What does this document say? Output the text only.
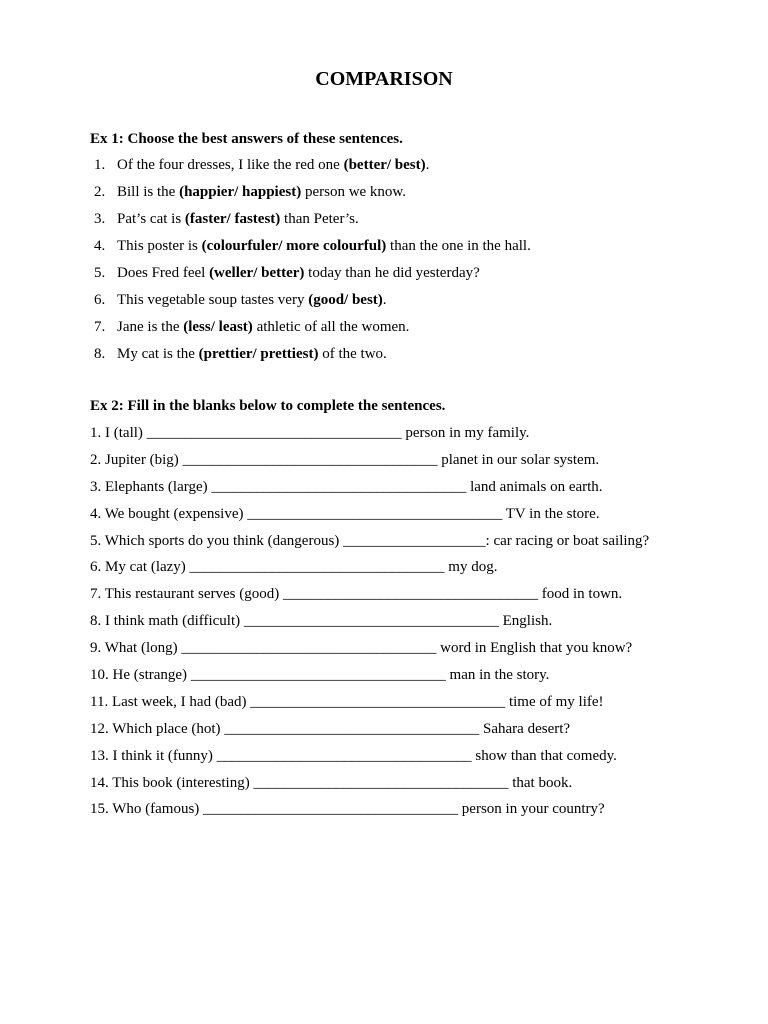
COMPARISON
Ex 1: Choose the best answers of these sentences.
1. Of the four dresses, I like the red one (better/ best).
2. Bill is the (happier/ happiest) person we know.
3. Pat’s cat is (faster/ fastest) than Peter’s.
4. This poster is (colourfuler/ more colourful) than the one in the hall.
5. Does Fred feel (weller/ better) today than he did yesterday?
6. This vegetable soup tastes very (good/ best).
7. Jane is the (less/ least) athletic of all the women.
8. My cat is the (prettier/ prettiest) of the two.
Ex 2: Fill in the blanks below to complete the sentences.
1. I (tall) __________________________________ person in my family.
2. Jupiter (big) __________________________________ planet in our solar system.
3. Elephants (large) __________________________________ land animals on earth.
4. We bought (expensive) __________________________________ TV in the store.
5. Which sports do you think (dangerous) ___________________: car racing or boat sailing?
6. My cat (lazy) __________________________________ my dog.
7. This restaurant serves (good) __________________________________ food in town.
8. I think math (difficult) __________________________________ English.
9. What (long) __________________________________ word in English that you know?
10. He (strange) __________________________________ man in the story.
11. Last week, I had (bad) __________________________________ time of my life!
12. Which place (hot) __________________________________ Sahara desert?
13. I think it (funny) __________________________________ show than that comedy.
14. This book (interesting) __________________________________ that book.
15. Who (famous) __________________________________ person in your country?
